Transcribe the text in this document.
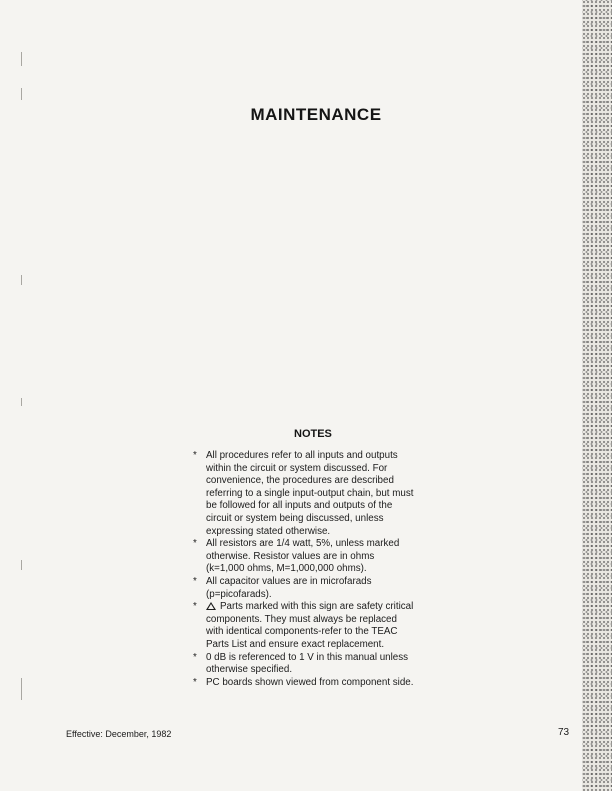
MAINTENANCE
NOTES
* All procedures refer to all inputs and outputs within the circuit or system discussed. For convenience, the procedures are described referring to a single input-output chain, but must be followed for all inputs and outputs of the circuit or system being discussed, unless expressing stated otherwise.
* All resistors are 1/4 watt, 5%, unless marked otherwise. Resistor values are in ohms (k=1,000 ohms, M=1,000,000 ohms).
* All capacitor values are in microfarads (p=picofarads).
*	Parts marked with this sign are safety critical components. They must always be replaced with identical components-refer to the TEAC Parts List and ensure exact replacement.
* 0 dB is referenced to 1 V in this manual unless otherwise specified.
* PC boards shown viewed from component side.
Effective: December, 1982	73
